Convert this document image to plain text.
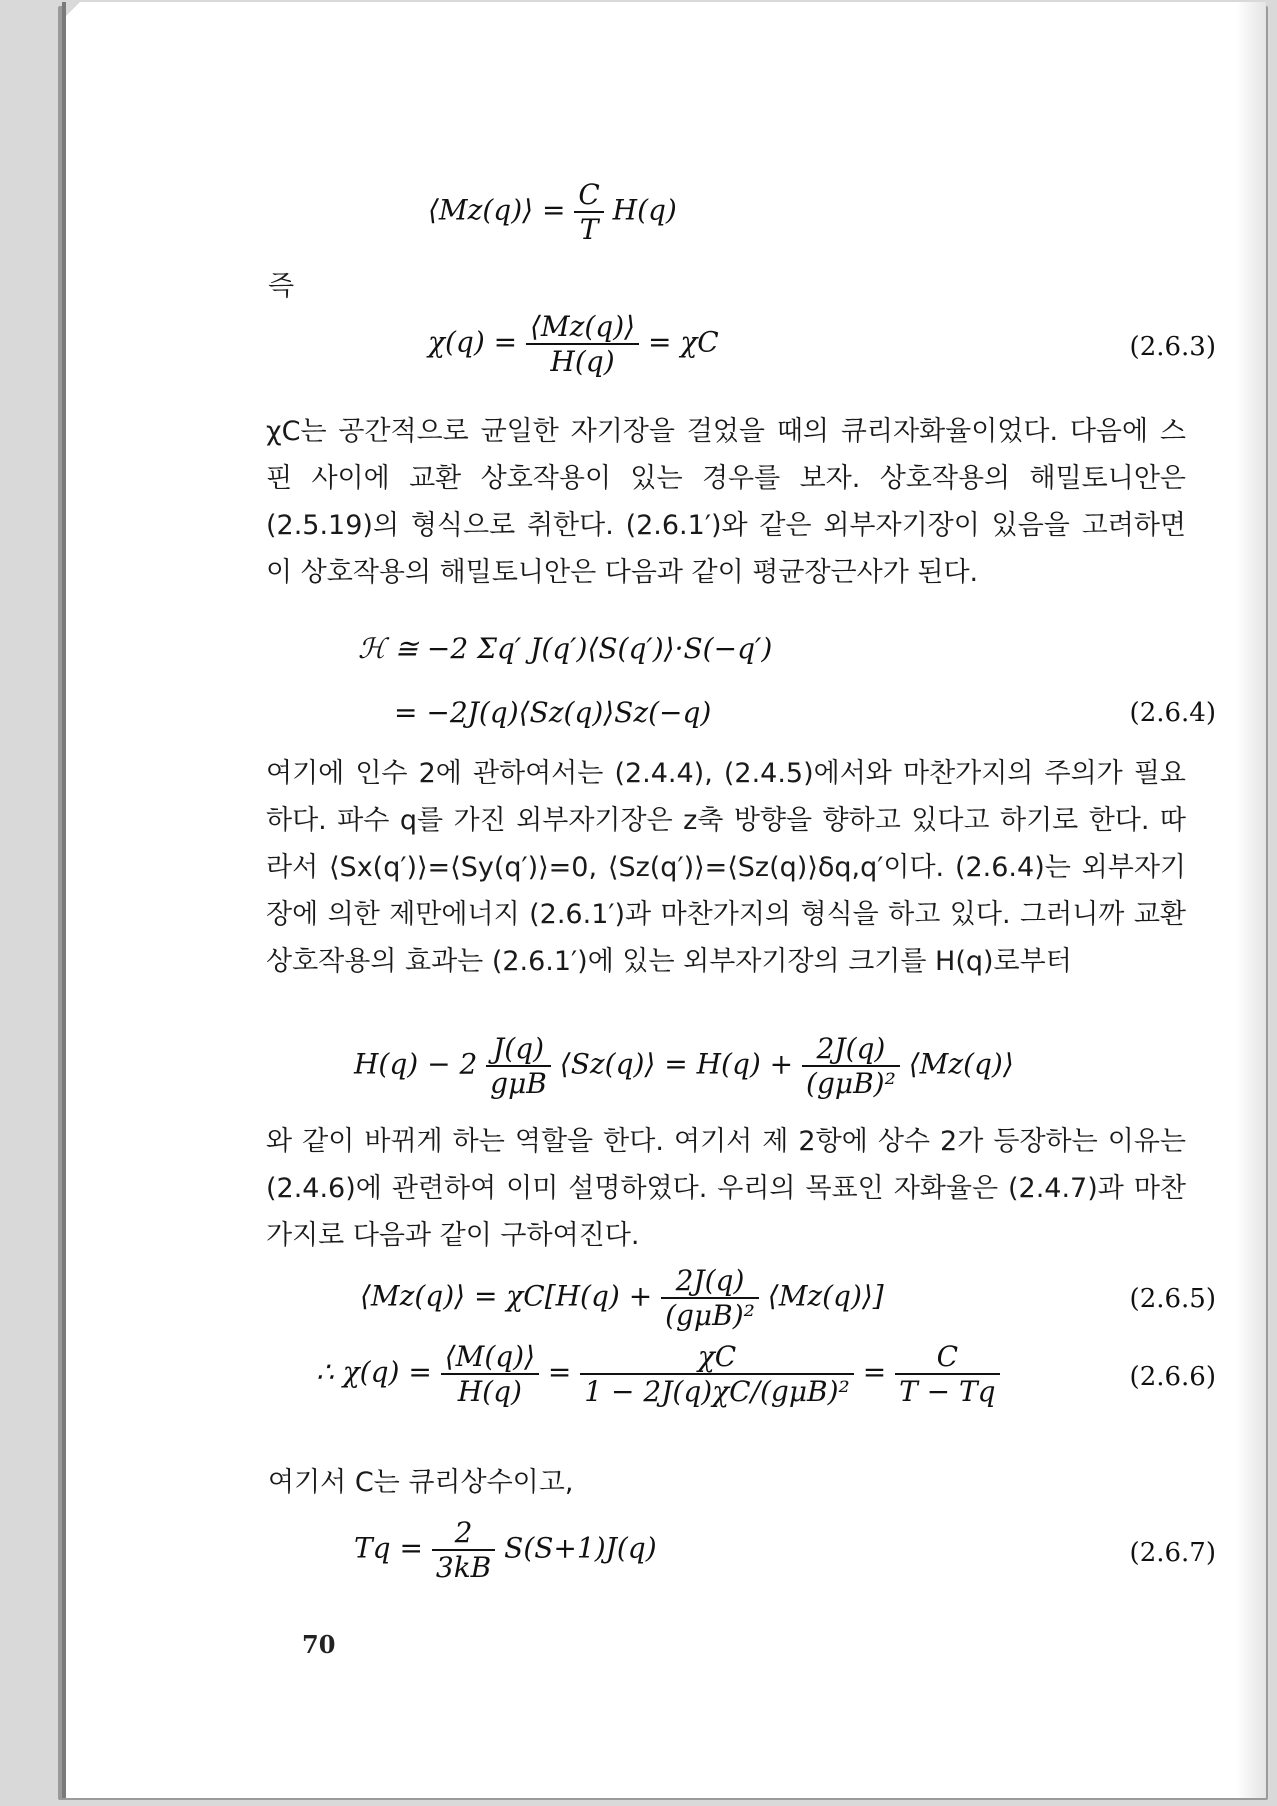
⟨Mz(q)⟩ = $\frac{C}{T} H(q)$
즉
$\chi(q) = \frac{⟨Mz(q)⟩}{H(q)} = \chi C$	(2.6.3)
χC는 공간적으로 균일한 자기장을 걸었을 때의 큐리자화율이었다. 다음에 스핀 사이에 교환 상호작용이 있는 경우를 보자. 상호작용의 해밀토니안은 (2.5.19)의 형식으로 취한다. (2.6.1′)와 같은 외부자기장이 있음을 고려하면 이 상호작용의 해밀토니안은 다음과 같이 평균장근사가 된다.
ℋ ≅ −2 Σq′ J(q′)⟨S(q′)⟩·S(−q′)
= −2J(q)⟨Sz(q)⟩Sz(−q)	(2.6.4)
여기에 인수 2에 관하여서는 (2.4.4), (2.4.5)에서와 마찬가지의 주의가 필요하다. 파수 q를 가진 외부자기장은 z축 방향을 향하고 있다고 하기로 한다. 따라서 ⟨Sx(q′)⟩=⟨Sy(q′)⟩=0, ⟨Sz(q′)⟩=⟨Sz(q)⟩δq,q′이다. (2.6.4)는 외부자기장에 의한 제만에너지 (2.6.1′)과 마찬가지의 형식을 하고 있다. 그러니까 교환 상호작용의 효과는 (2.6.1′)에 있는 외부자기장의 크기를 H(q)로부터
$H(q) - 2 \frac{J(q)}{\text{gμB}}$ ⟨Sz(q)⟩ = $H(q) + \frac{2J(q)}{\text{(gμB)²}}$ ⟨Mz(q)⟩
와 같이 바뀌게 하는 역할을 한다. 여기서 제 2항에 상수 2가 등장하는 이유는 (2.4.6)에 관련하여 이미 설명하였다. 우리의 목표인 자화율은 (2.4.7)과 마찬가지로 다음과 같이 구하여진다.
⟨Mz(q)⟩ = $\chi C[H(q) + \frac{2J(q)}{\text{(gμB)²}}$ ⟨Mz(q)⟩]	(2.6.5)
∴ $\chi(q) = \frac{⟨M(q)⟩}{H(q)} = \frac{\chi C}{\text{1 − 2J(q)χC/(gμB)²}} = \frac{C}{T - Tq}$	(2.6.6)
여기서 C는 큐리상수이고,
$Tq = \frac{2}{3kB} S(S+1)J(q)$	(2.6.7)
70
